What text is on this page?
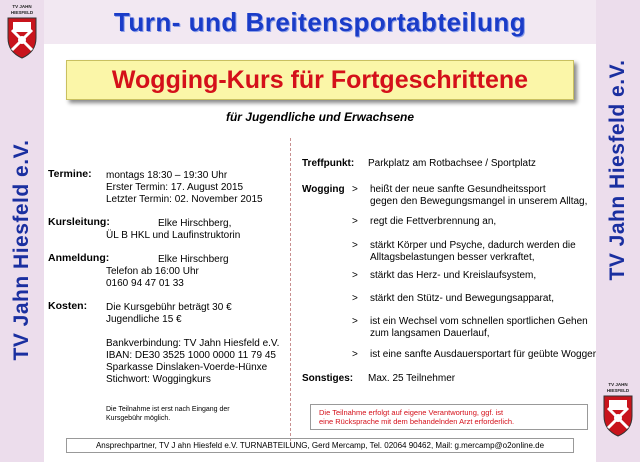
TV JAHN HIESFELD
TV Jahn Hiesfeld e.V.	TV Jahn Hiesfeld e.V.
TV JAHN HIESFELD
Turn- und Breitensportabteilung
Wogging-Kurs für Fortgeschrittene
für Jugendliche und Erwachsene
Termine: montags 18:30 – 19:30 Uhr
Erster Termin: 17. August 2015
Letzter Termin: 02. November 2015
Kursleitung:	Elke Hirschberg,
ÜL B HKL und Laufinstruktorin
Anmeldung:	Elke Hirschberg
Telefon ab 16:00 Uhr
0160 94 47 01 33
Kosten: Die Kursgebühr beträgt 30 €
Jugendliche 15 €
Bankverbindung: TV Jahn Hiesfeld e.V.
IBAN: DE30 3525 1000 0000 11 79 45
Sparkasse Dinslaken-Voerde-Hünxe
Stichwort: Woggingkurs
Die Teilnahme ist erst nach Eingang der
Kursgebühr möglich.
Treffpunkt: Parkplatz am Rotbachsee / Sportplatz
Wogging > heißt der neue sanfte Gesundheitssport
gegen den Bewegungsmangel in unserem Alltag,
> regt die Fettverbrennung an,
> stärkt Körper und Psyche, dadurch werden die
Alltagsbelastungen besser verkraftet,
> stärkt das Herz- und Kreislaufsystem,
> stärkt den Stütz- und Bewegungsapparat,
> ist ein Wechsel vom schnellen sportlichen Gehen
zum langsamen Dauerlauf,
> ist eine sanfte Ausdauersportart für geübte Wogger
Sonstiges: Max. 25 Teilnehmer
Die Teilnahme erfolgt auf eigene Verantwortung, ggf. ist
eine Rücksprache mit dem behandelnden Arzt erforderlich.
Ansprechpartner, TV J ahn Hiesfeld e.V. TURNABTEILUNG, Gerd Mercamp, Tel. 02064 90462, Mail: g.mercamp@o2online.de
